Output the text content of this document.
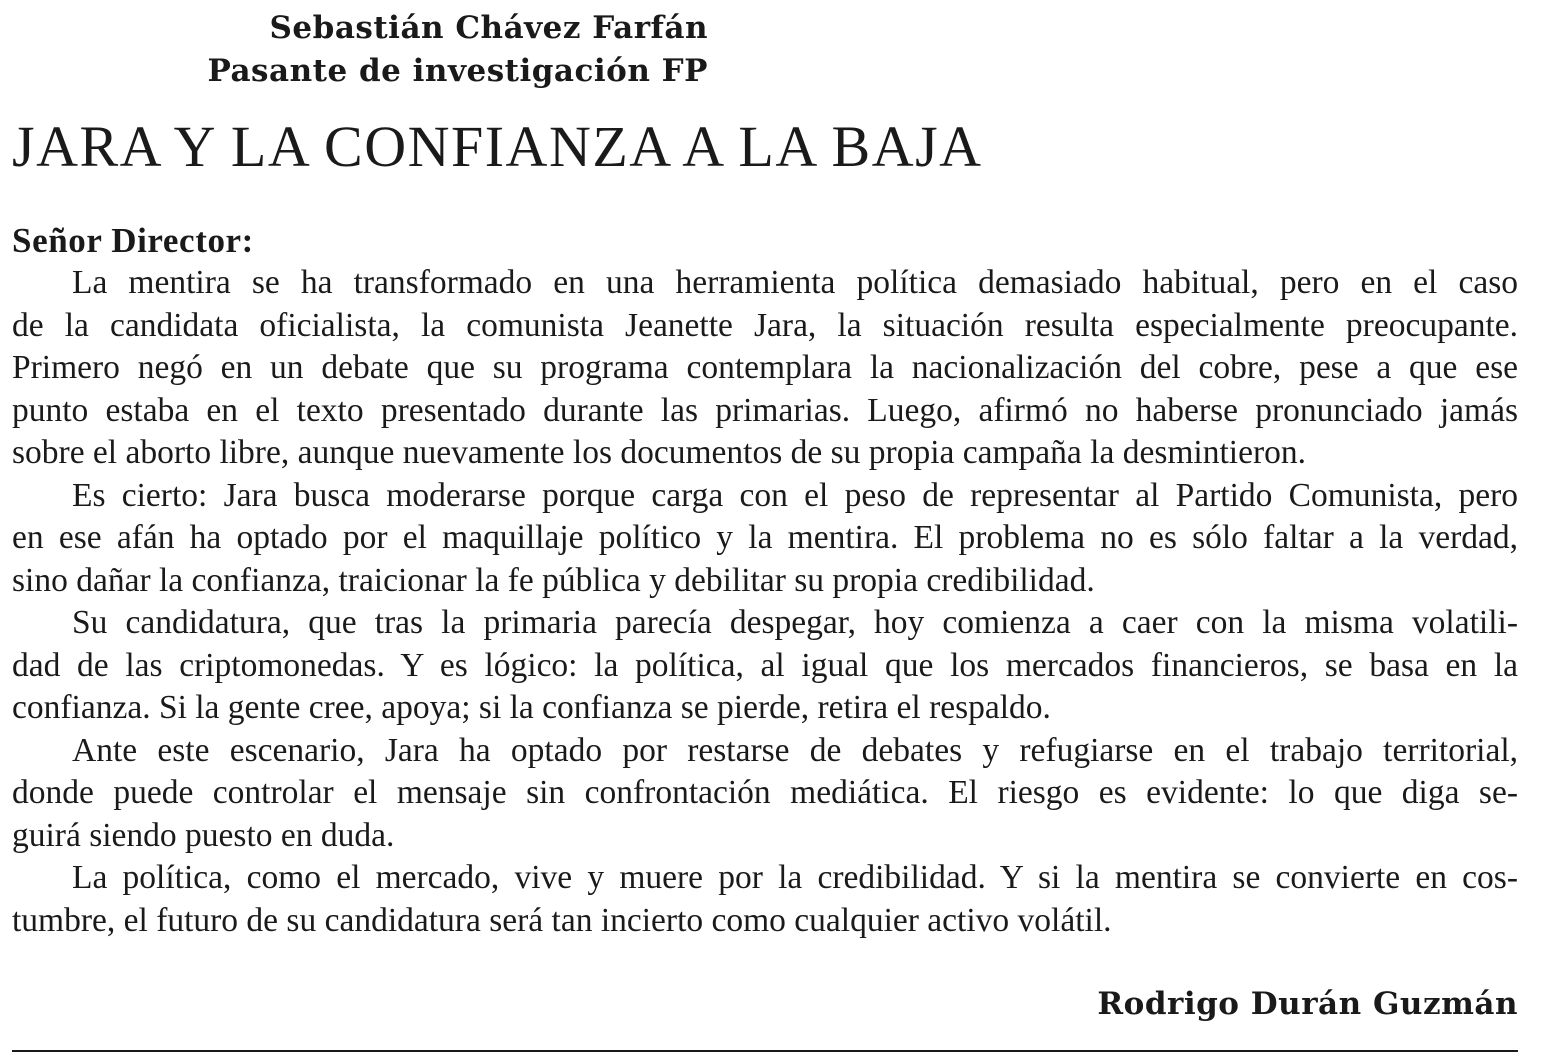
Sebastián Chávez Farfán
Pasante de investigación FP
JARA Y LA CONFIANZA A LA BAJA
Señor Director:
La mentira se ha transformado en una herramienta política demasiado habitual, pero en el caso
de la candidata oficialista, la comunista Jeanette Jara, la situación resulta especialmente preocupante.
Primero negó en un debate que su programa contemplara la nacionalización del cobre, pese a que ese
punto estaba en el texto presentado durante las primarias. Luego, afirmó no haberse pronunciado jamás
sobre el aborto libre, aunque nuevamente los documentos de su propia campaña la desmintieron.
Es cierto: Jara busca moderarse porque carga con el peso de representar al Partido Comunista, pero
en ese afán ha optado por el maquillaje político y la mentira. El problema no es sólo faltar a la verdad,
sino dañar la confianza, traicionar la fe pública y debilitar su propia credibilidad.
Su candidatura, que tras la primaria parecía despegar, hoy comienza a caer con la misma volatili-
dad de las criptomonedas. Y es lógico: la política, al igual que los mercados financieros, se basa en la
confianza. Si la gente cree, apoya; si la confianza se pierde, retira el respaldo.
Ante este escenario, Jara ha optado por restarse de debates y refugiarse en el trabajo territorial,
donde puede controlar el mensaje sin confrontación mediática. El riesgo es evidente: lo que diga se-
guirá siendo puesto en duda.
La política, como el mercado, vive y muere por la credibilidad. Y si la mentira se convierte en cos-
tumbre, el futuro de su candidatura será tan incierto como cualquier activo volátil.
Rodrigo Durán Guzmán
